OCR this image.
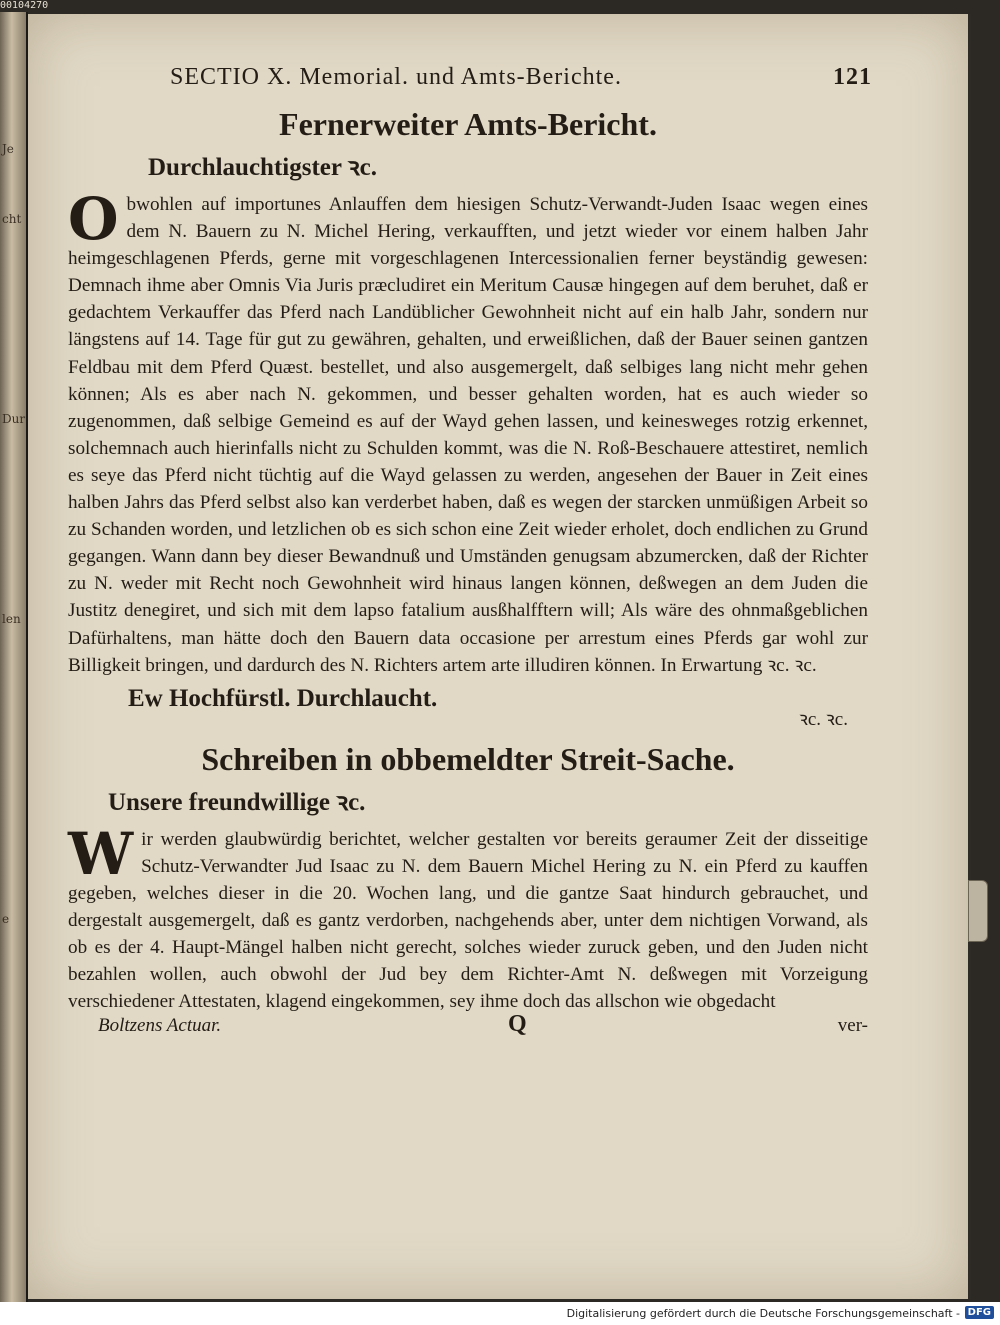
00104270
Je
cht
Dur
len
e
SECTIO X. Memorial. und Amts-Berichte.	121
Fernerweiter Amts-Bericht.
Durchlauchtigster ꝛc.
O bwohlen auf importunes Anlauffen dem hiesigen Schutz-Verwandt-Juden Isaac wegen eines dem N. Bauern zu N. Michel Hering, verkaufften, und jetzt wieder vor einem halben Jahr heimgeschlagenen Pferds, gerne mit vorgeschlagenen Intercessionalien ferner beyständig gewesen: Demnach ihme aber Omnis Via Juris præcludiret ein Meritum Causæ hingegen auf dem beruhet, daß er gedachtem Verkauffer das Pferd nach Landüblicher Gewohnheit nicht auf ein halb Jahr, sondern nur längstens auf 14. Tage für gut zu gewähren, gehalten, und erweißlichen, daß der Bauer seinen gantzen Feldbau mit dem Pferd Quæst. bestellet, und also ausgemergelt, daß selbiges lang nicht mehr gehen können; Als es aber nach N. gekommen, und besser gehalten worden, hat es auch wieder so zugenommen, daß selbige Gemeind es auf der Wayd gehen lassen, und keinesweges rotzig erkennet, solchemnach auch hierinfalls nicht zu Schulden kommt, was die N. Roß-Beschauere attestiret, nemlich es seye das Pferd nicht tüchtig auf die Wayd gelassen zu werden, angesehen der Bauer in Zeit eines halben Jahrs das Pferd selbst also kan verderbet haben, daß es wegen der starcken unmüßigen Arbeit so zu Schanden worden, und letzlichen ob es sich schon eine Zeit wieder erholet, doch endlichen zu Grund gegangen. Wann dann bey dieser Bewandnuß und Umständen genugsam abzumercken, daß der Richter zu N. weder mit Recht noch Gewohnheit wird hinaus langen können, deßwegen an dem Juden die Justitz denegiret, und sich mit dem lapso fatalium ausßhalfftern will; Als wäre des ohnmaßgeblichen Dafürhaltens, man hätte doch den Bauern data occasione per arrestum eines Pferds gar wohl zur Billigkeit bringen, und dardurch des N. Richters artem arte illudiren können. In Erwartung ꝛc. ꝛc.
Ew Hochfürstl. Durchlaucht.
ꝛc. ꝛc.
Schreiben in obbemeldter Streit-Sache.
Unsere freundwillige ꝛc.
W ir werden glaubwürdig berichtet, welcher gestalten vor bereits geraumer Zeit der disseitige Schutz-Verwandter Jud Isaac zu N. dem Bauern Michel Hering zu N. ein Pferd zu kauffen gegeben, welches dieser in die 20. Wochen lang, und die gantze Saat hindurch gebrauchet, und dergestalt ausgemergelt, daß es gantz verdorben, nachgehends aber, unter dem nichtigen Vorwand, als ob es der 4. Haupt-Mängel halben nicht gerecht, solches wieder zuruck geben, und den Juden nicht bezahlen wollen, auch obwohl der Jud bey dem Richter-Amt N. deßwegen mit Vorzeigung verschiedener Attestaten, klagend eingekommen, sey ihme doch das allschon wie obgedacht
Boltzens Actuar.	Q	ver-
Digitalisierung gefördert durch die Deutsche Forschungsgemeinschaft - DFG
